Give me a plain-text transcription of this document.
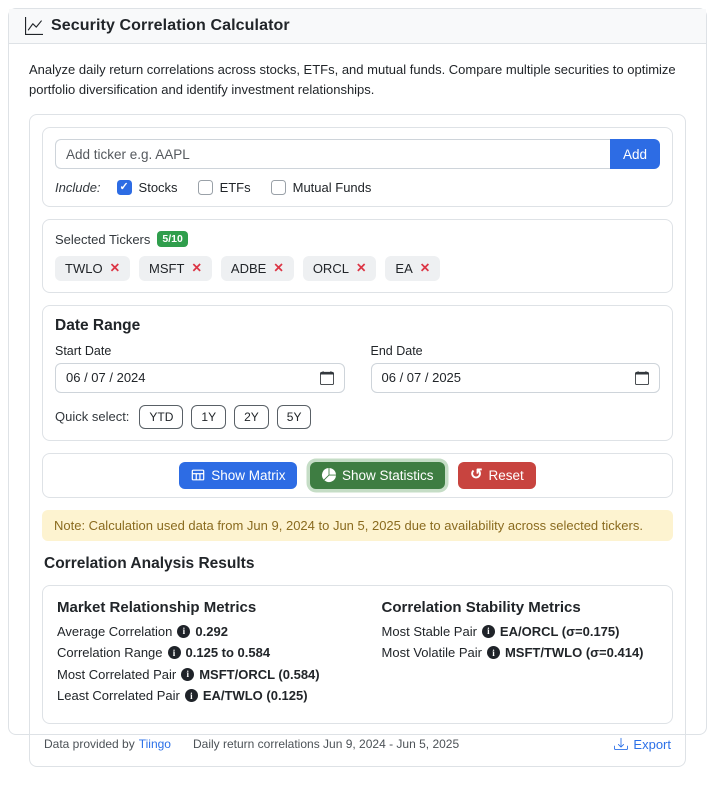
Security Correlation Calculator

Analyze daily return correlations across stocks, ETFs, and mutual funds. Compare multiple securities to optimize portfolio diversification and identify investment relationships.

Add ticker e.g. AAPL
Add
Include: ✓	Stocks	ETFs	Mutual Funds
Selected Tickers	5/10
TWLO ✕ MSFT ✕ ADBE ✕ ORCL ✕ EA ✕
Date Range
Start Date
06 / 07 / 2024
End Date
06 / 07 / 2025
Quick select:	YTD	1Y	2Y	5Y
Show Matrix
	Show Statistics
↺ Reset
Note: Calculation used data from Jun 9, 2024 to Jun 5, 2025 due to availability across selected tickers.
Correlation Analysis Results
Market Relationship Metrics
Average Correlation i 0.292
Correlation Range i 0.125 to 0.584
Most Correlated Pair i MSFT/ORCL (0.584)
Least Correlated Pair i EA/TWLO (0.125)
Correlation Stability Metrics
Most Stable Pair i EA/ORCL (σ=0.175)
Most Volatile Pair i MSFT/TWLO (σ=0.414)
Data provided by Tiingo Daily return correlations Jun 9, 2024 - Jun 5, 2025	Export
